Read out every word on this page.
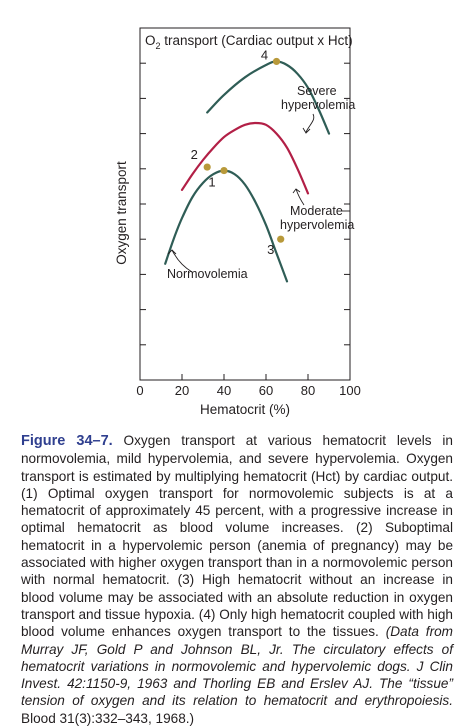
0 20 40 60 80 100
$O_2$ transport (Cardiac output x Hct)
1
2
3
4
Normovolemia
Moderate
hypervolemia
Severe
hypervolemia
Hematocrit (%)
Oxygen transport
Figure 34–7. Oxygen transport at various hematocrit levels in normovolemia, mild hypervolemia, and severe hypervolemia. Oxygen transport is estimated by multiplying hematocrit (Hct) by cardiac output. (1) Optimal oxygen transport for normovolemic subjects is at a hematocrit of approximately 45 percent, with a progressive increase in optimal hematocrit as blood volume increases. (2) Suboptimal hematocrit in a hypervolemic person (anemia of pregnancy) may be associated with higher oxygen transport than in a normovolemic person with normal hematocrit. (3) High hematocrit without an increase in blood volume may be associated with an absolute reduction in oxygen transport and tissue hypoxia. (4) Only high hematocrit coupled with high blood volume enhances oxygen transport to the tissues. (Data from Murray JF, Gold P and Johnson BL, Jr. The circulatory effects of hematocrit variations in normovolemic and hypervolemic dogs. J Clin Invest. 42:1150-9, 1963 and Thorling EB and Erslev AJ. The “tissue” tension of oxygen and its relation to hematocrit and erythropoiesis. Blood 31(3):332–343, 1968.)
